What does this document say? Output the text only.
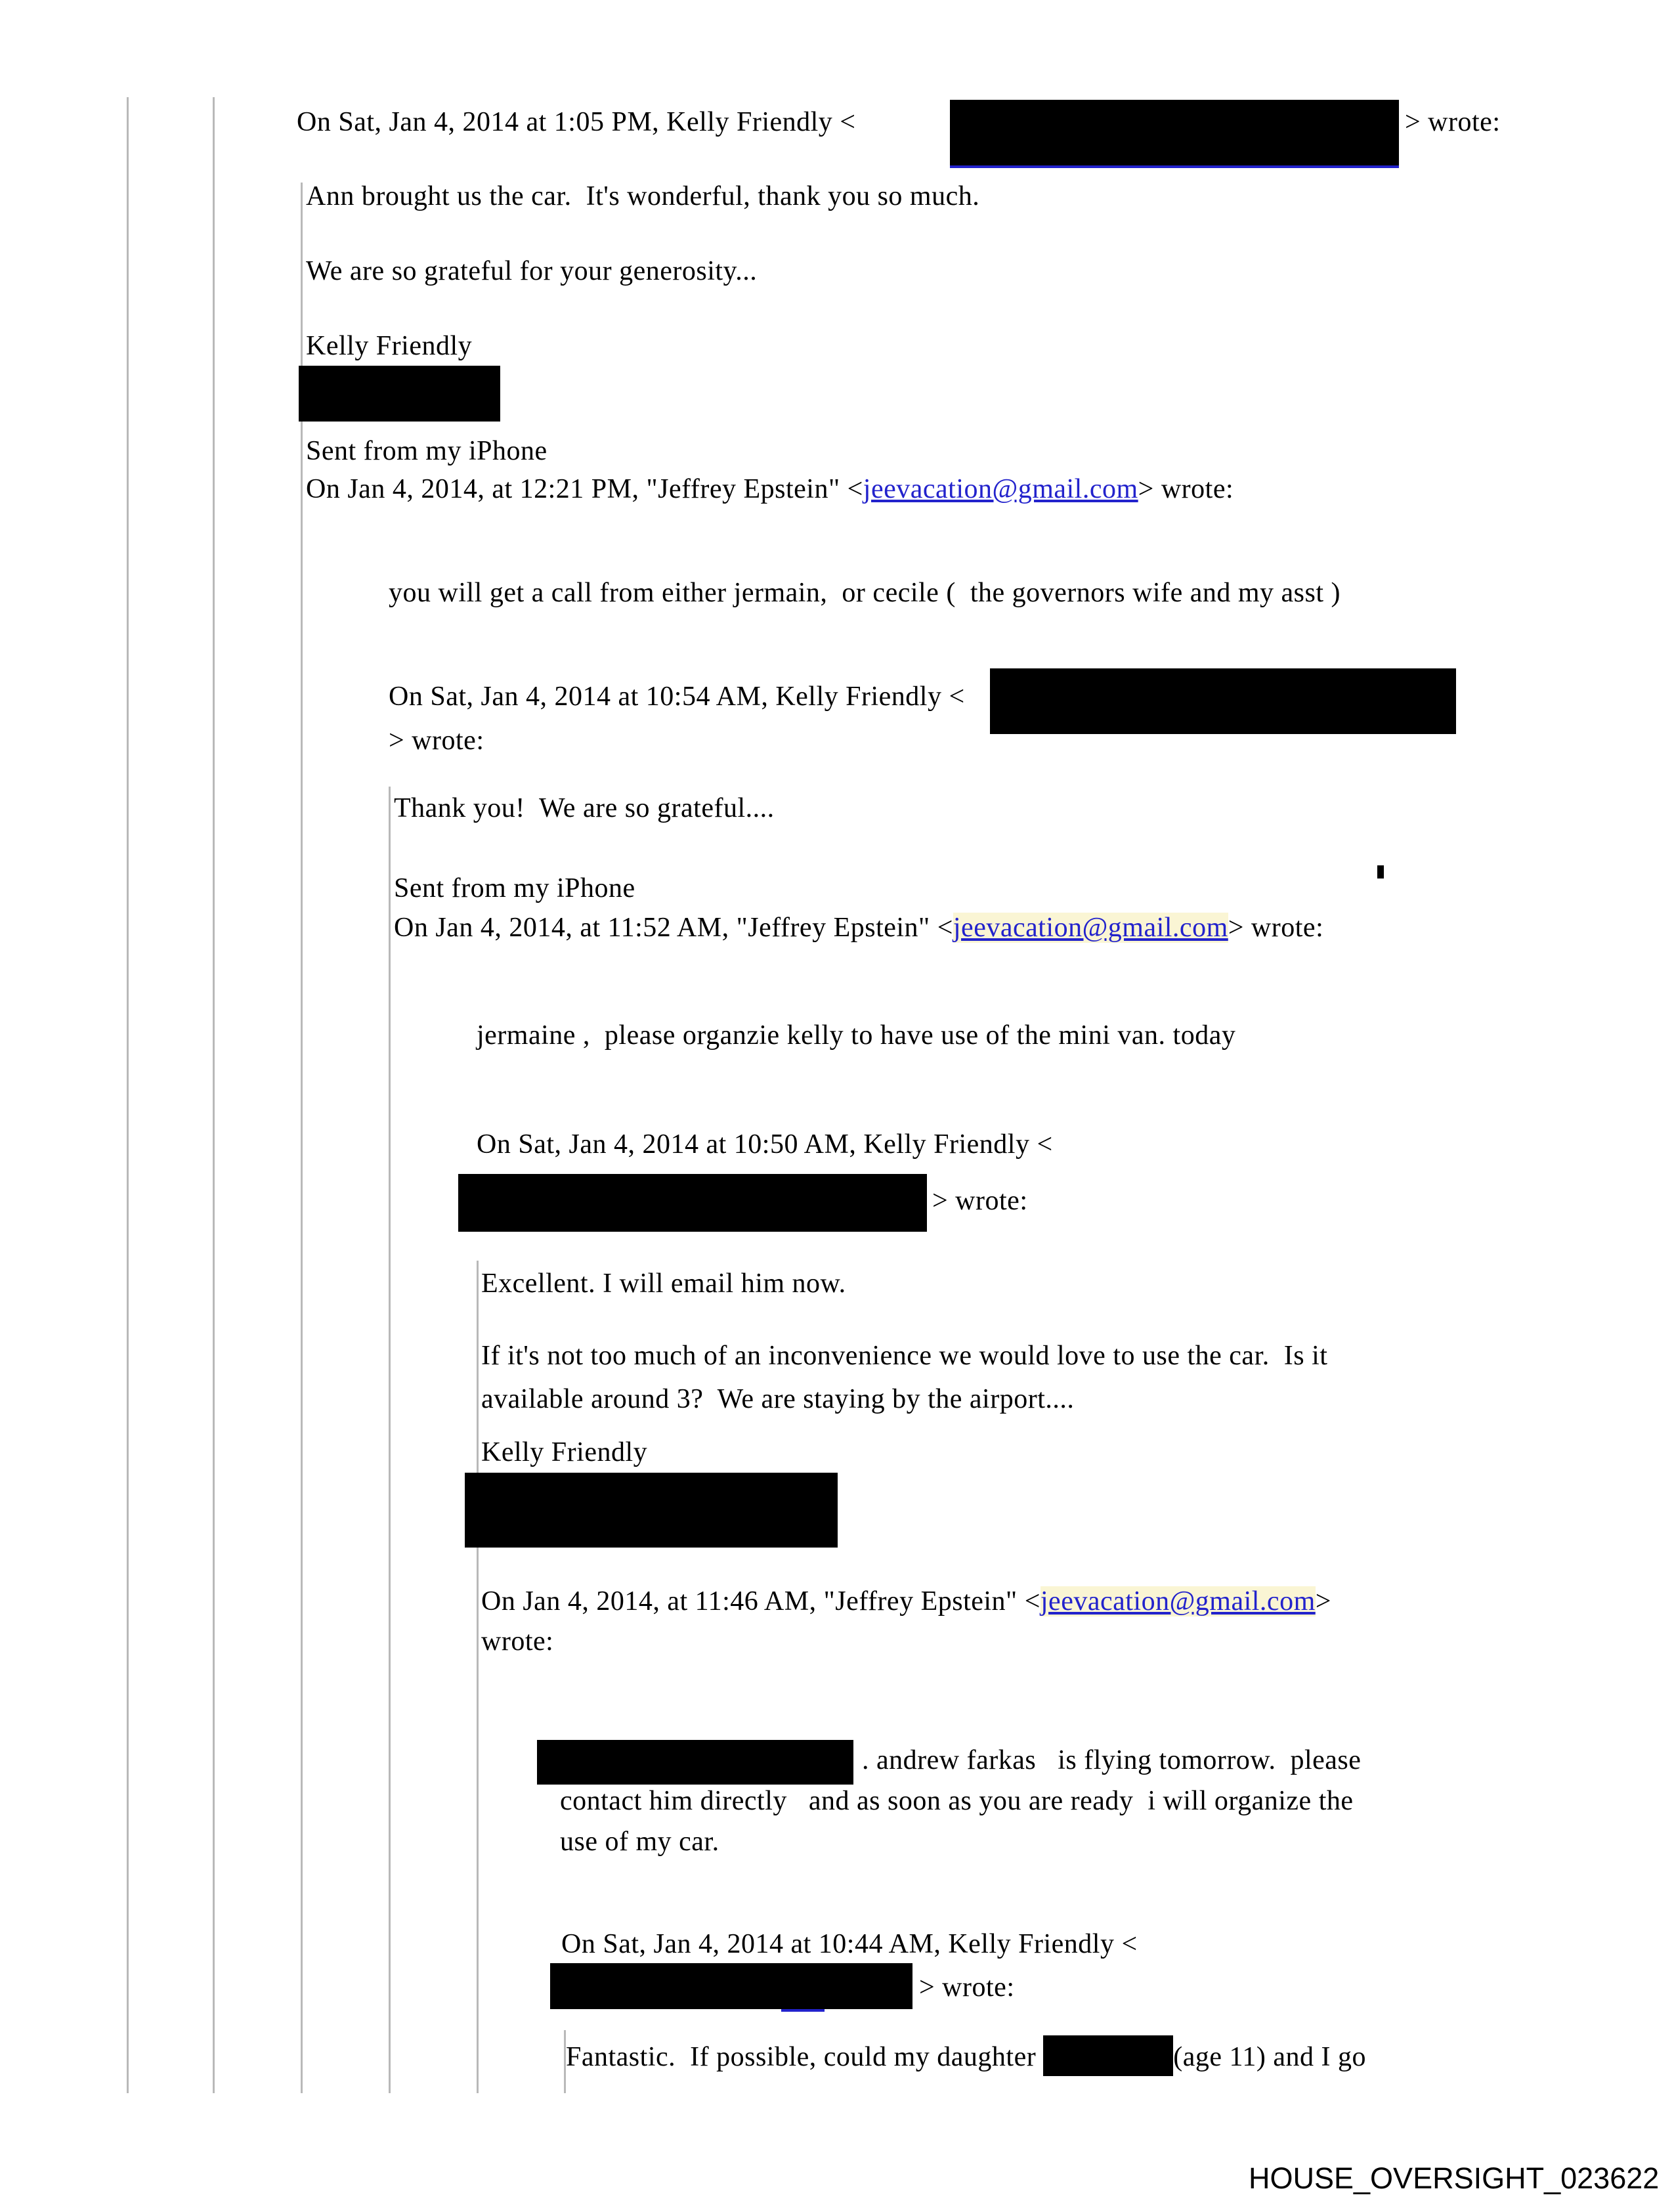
On Sat, Jan 4, 2014 at 1:05 PM, Kelly Friendly <	> wrote:
Ann brought us the car.  It's wonderful, thank you so much.
We are so grateful for your generosity...
Kelly Friendly
Sent from my iPhone
On Jan 4, 2014, at 12:21 PM, "Jeffrey Epstein" <jeevacation@gmail.com> wrote:
you will get a call from either jermain,  or cecile (  the governors wife and my asst )
On Sat, Jan 4, 2014 at 10:54 AM, Kelly Friendly <
> wrote:
Thank you!  We are so grateful....
Sent from my iPhone
On Jan 4, 2014, at 11:52 AM, "Jeffrey Epstein" <jeevacation@gmail.com> wrote:
jermaine ,  please organzie kelly to have use of the mini van. today
On Sat, Jan 4, 2014 at 10:50 AM, Kelly Friendly <
> wrote:
Excellent. I will email him now.
If it's not too much of an inconvenience we would love to use the car.  Is it
available around 3?  We are staying by the airport....
Kelly Friendly
On Jan 4, 2014, at 11:46 AM, "Jeffrey Epstein" <jeevacation@gmail.com>
wrote:
. andrew farkas   is flying tomorrow.  please
contact him directly   and as soon as you are ready  i will organize the
use of my car.
On Sat, Jan 4, 2014 at 10:44 AM, Kelly Friendly <
> wrote:
Fantastic.  If possible, could my daughter	(age 11) and I go
HOUSE_OVERSIGHT_023622
